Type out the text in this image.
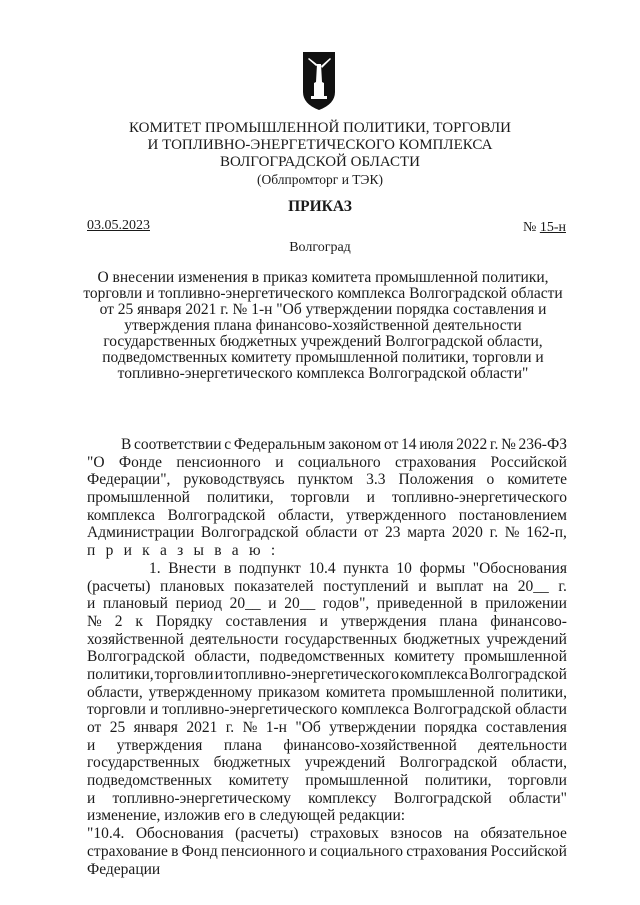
КОМИТЕТ ПРОМЫШЛЕННОЙ ПОЛИТИКИ, ТОРГОВЛИ
И ТОПЛИВНО-ЭНЕРГЕТИЧЕСКОГО КОМПЛЕКСА
ВОЛГОГРАДСКОЙ ОБЛАСТИ
(Облпромторг и ТЭК)
ПРИКАЗ
03.05.2023	№ 15-н
Волгоград
О внесении изменения в приказ комитета промышленной политики,
торговли и топливно-энергетического комплекса Волгоградской области
от 25 января 2021 г. № 1-н "Об утверждении порядка составления и
утверждения плана финансово-хозяйственной деятельности
государственных бюджетных учреждений Волгоградской области,
подведомственных комитету промышленной политики, торговли и
топливно-энергетического комплекса Волгоградской области"
В соответствии с Федеральным законом от 14 июля 2022 г. № 236-ФЗ
"О Фонде пенсионного и социального страхования Российской
Федерации", руководствуясь пунктом 3.3 Положения о комитете
промышленной политики, торговли и топливно-энергетического
комплекса Волгоградской области, утвержденного постановлением
Администрации Волгоградской области от 23 марта 2020 г. № 162-п,
п р и к а з ы в а ю :
1. Внести в подпункт 10.4 пункта 10 формы "Обоснования
(расчеты) плановых показателей поступлений и выплат на 20__ г.
и плановый период 20__ и 20__ годов", приведенной в приложении
№ 2 к Порядку составления и утверждения плана финансово-
хозяйственной деятельности государственных бюджетных учреждений
Волгоградской области, подведомственных комитету промышленной
политики, торговли и топливно-энергетического комплекса Волгоградской
области, утвержденному приказом комитета промышленной политики,
торговли и топливно-энергетического комплекса Волгоградской области
от 25 января 2021 г. № 1-н "Об утверждении порядка составления
и утверждения плана финансово-хозяйственной деятельности
государственных бюджетных учреждений Волгоградской области,
подведомственных комитету промышленной политики, торговли
и топливно-энергетическому комплексу Волгоградской области"
изменение, изложив его в следующей редакции:
"10.4. Обоснования (расчеты) страховых взносов на обязательное
страхование в Фонд пенсионного и социального страхования Российской
Федерации
